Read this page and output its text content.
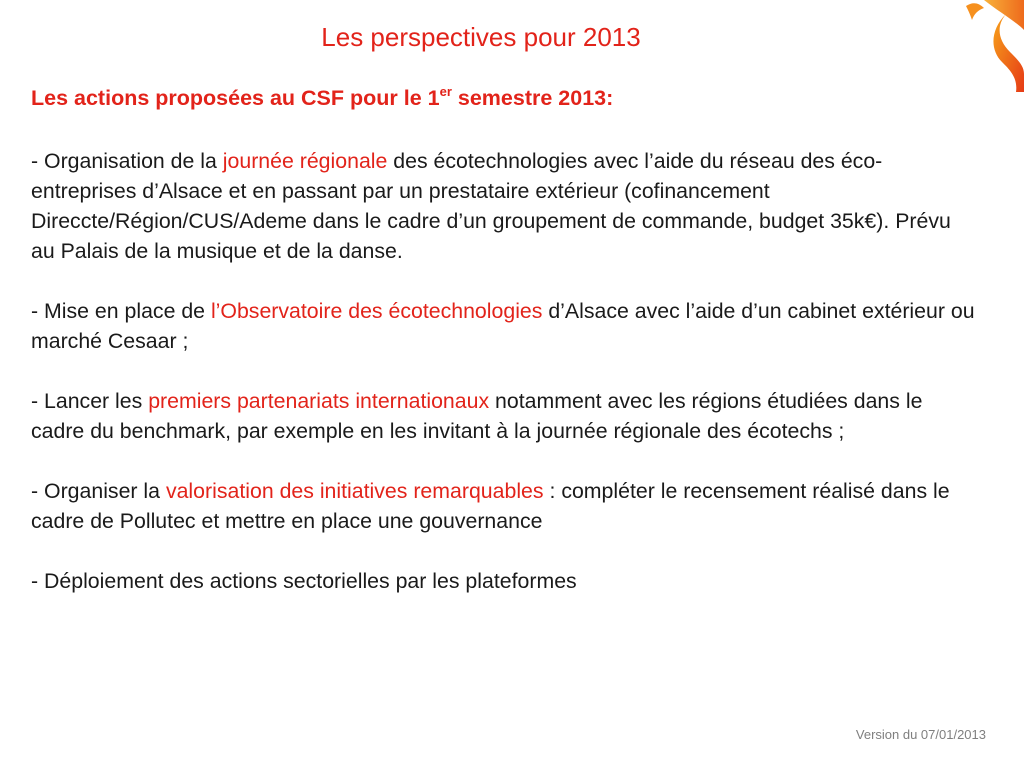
Les perspectives pour 2013
Les actions proposées au CSF pour le 1er semestre 2013:

- Organisation de la journée régionale des écotechnologies avec l’aide du réseau des éco-entreprises d’Alsace et en passant par un prestataire extérieur (cofinancement Direccte/Région/CUS/Ademe dans le cadre d’un groupement de commande, budget 35k€). Prévu au Palais de la musique et de la danse.

- Mise en place de l’Observatoire des écotechnologies d’Alsace avec l’aide d’un cabinet extérieur ou marché Cesaar ;

- Lancer les premiers partenariats internationaux notamment avec les régions étudiées dans le cadre du benchmark, par exemple en les invitant à la journée régionale des écotechs ;

- Organiser la valorisation des initiatives remarquables : compléter le recensement réalisé dans le cadre de Pollutec et mettre en place une gouvernance

- Déploiement des actions sectorielles par les plateformes

Version du 07/01/2013
